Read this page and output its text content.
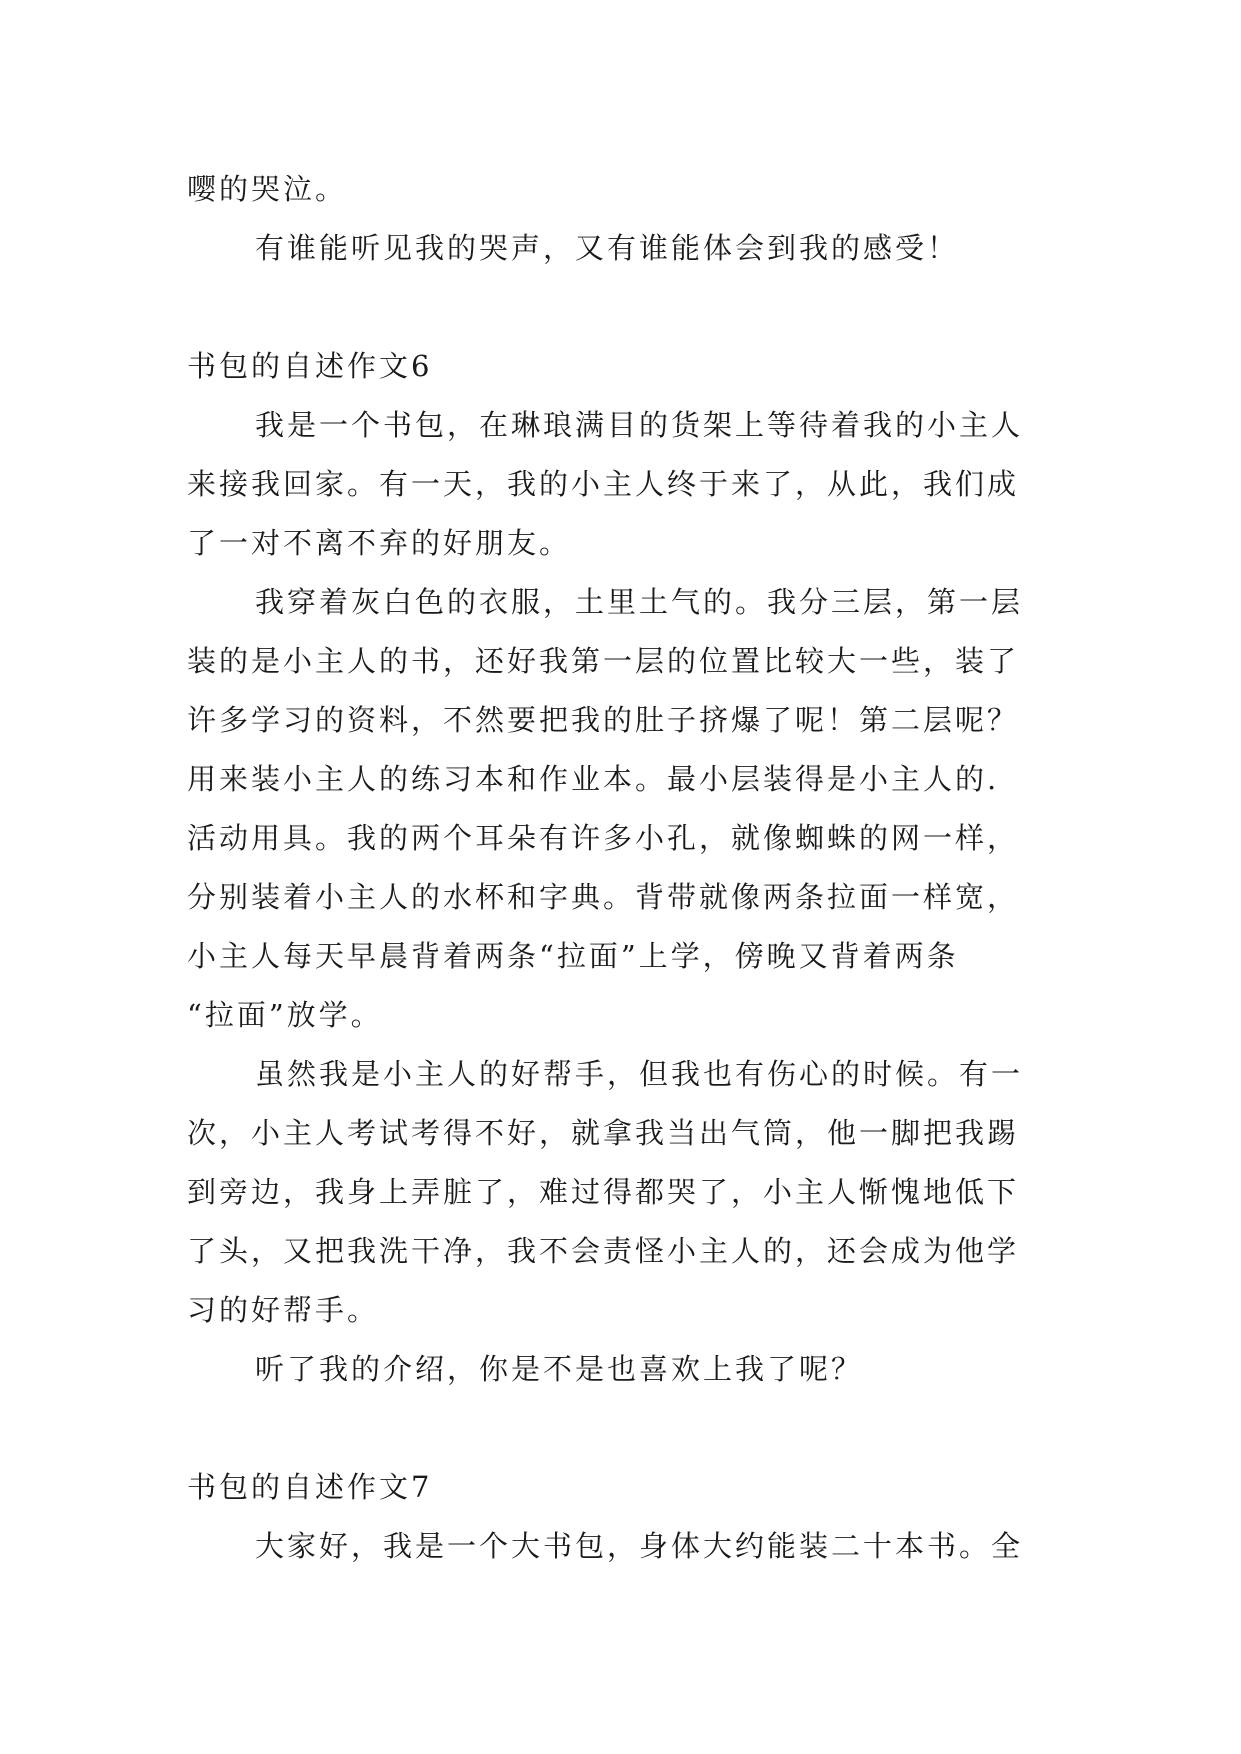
嘤的哭泣。
有谁能听见我的哭声，又有谁能体会到我的感受！
书包的自述作文6
我是一个书包，在琳琅满目的货架上等待着我的小主人
来接我回家。有一天，我的小主人终于来了，从此，我们成
了一对不离不弃的好朋友。
我穿着灰白色的衣服，土里土气的。我分三层，第一层
装的是小主人的书，还好我第一层的位置比较大一些，装了
许多学习的资料，不然要把我的肚子挤爆了呢！第二层呢？
用来装小主人的练习本和作业本。最小层装得是小主人的.
活动用具。我的两个耳朵有许多小孔，就像蜘蛛的网一样，
分别装着小主人的水杯和字典。背带就像两条拉面一样宽，
小主人每天早晨背着两条“拉面”上学，傍晚又背着两条
“拉面”放学。
虽然我是小主人的好帮手，但我也有伤心的时候。有一
次，小主人考试考得不好，就拿我当出气筒，他一脚把我踢
到旁边，我身上弄脏了，难过得都哭了，小主人惭愧地低下
了头，又把我洗干净，我不会责怪小主人的，还会成为他学
习的好帮手。
听了我的介绍，你是不是也喜欢上我了呢？
书包的自述作文7
大家好，我是一个大书包，身体大约能装二十本书。全
